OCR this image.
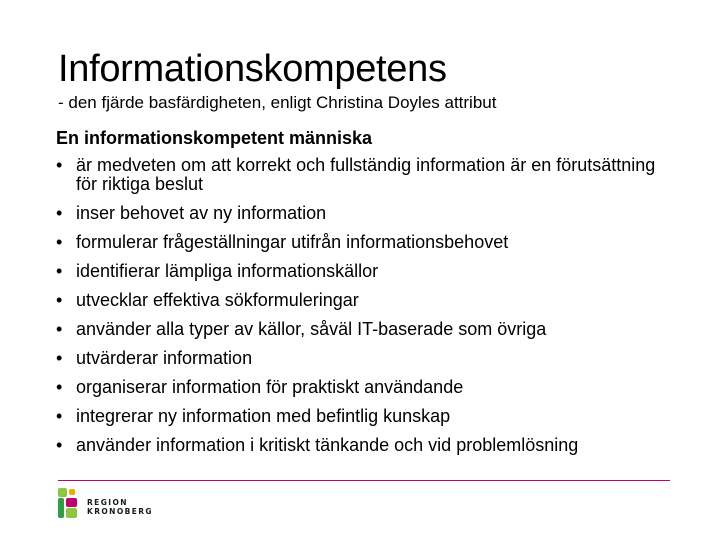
Informationskompetens
- den fjärde basfärdigheten, enligt Christina Doyles attribut
En informationskompetent människa
• är medveten om att korrekt och fullständig information är en förutsättning för riktiga beslut
• inser behovet av ny information
• formulerar frågeställningar utifrån informationsbehovet
• identifierar lämpliga informationskällor
• utvecklar effektiva sökformuleringar
• använder alla typer av källor, såväl IT-baserade som övriga
• utvärderar information
• organiserar information för praktiskt användande
• integrerar ny information med befintlig kunskap
• använder information i kritiskt tänkande och vid problemlösning
REGION
KRONOBERG
